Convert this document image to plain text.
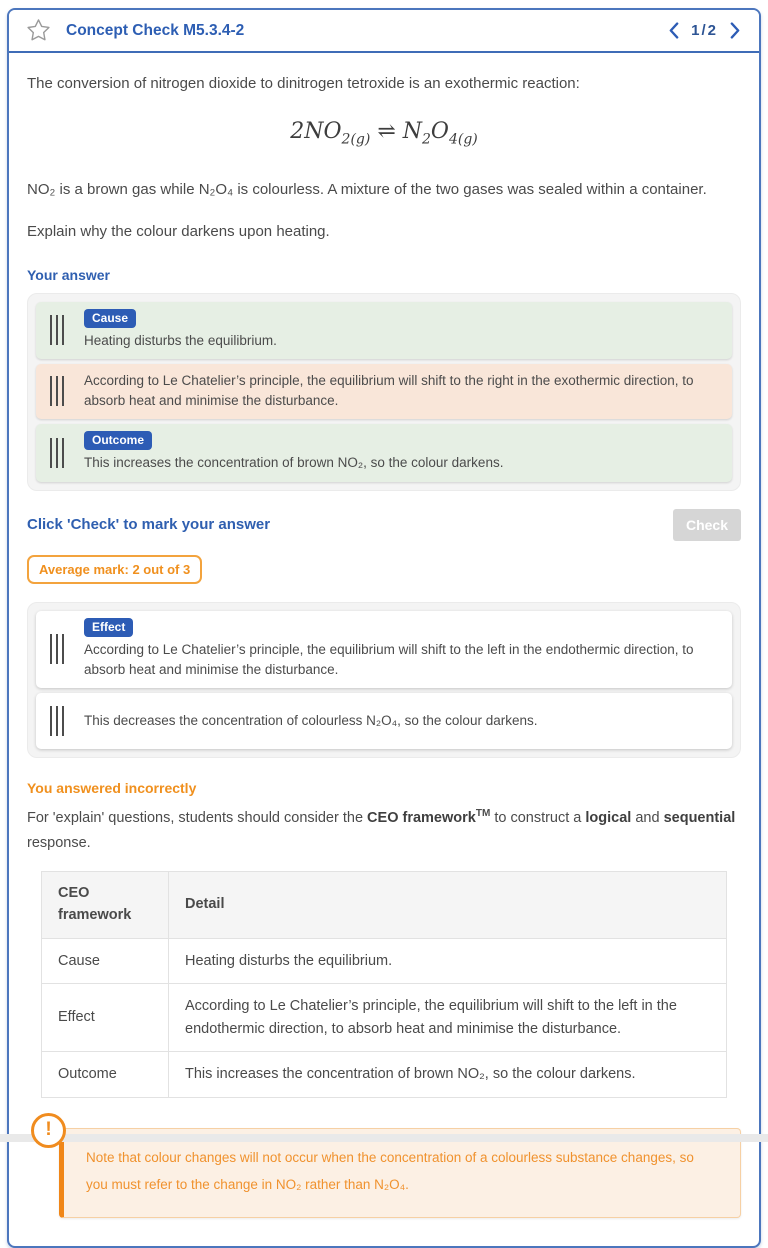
Concept Check M5.3.4-2	1/2

The conversion of nitrogen dioxide to dinitrogen tetroxide is an exothermic reaction:

$2NO_{2(g)}$ ⇌ $N_2O_{4(g)}$

NO₂ is a brown gas while N₂O₄ is colourless. A mixture of the two gases was sealed within a container.

Explain why the colour darkens upon heating.

Your answer
Cause
Heating disturbs the equilibrium.
According to Le Chatelier’s principle, the equilibrium will shift to the right in the exothermic direction, to absorb heat and minimise the disturbance.
Outcome
This increases the concentration of brown NO₂, so the colour darkens.
Click 'Check' to mark your answer	Check
Average mark: 2 out of 3
Effect
According to Le Chatelier’s principle, the equilibrium will shift to the left in the endothermic direction, to absorb heat and minimise the disturbance.
This decreases the concentration of colourless N₂O₄, so the colour darkens.
You answered incorrectly

For 'explain' questions, students should consider the CEO framework™ to construct a logical and sequential response.

CEO framework	Detail
Cause	Heating disturbs the equilibrium.
Effect	According to Le Chatelier’s principle, the equilibrium will shift to the left in the endothermic direction, to absorb heat and minimise the disturbance.
Outcome	This increases the concentration of brown NO₂, so the colour darkens.
!

Note that colour changes will not occur when the concentration of a colourless substance changes, so you must refer to the change in NO₂ rather than N₂O₄.
